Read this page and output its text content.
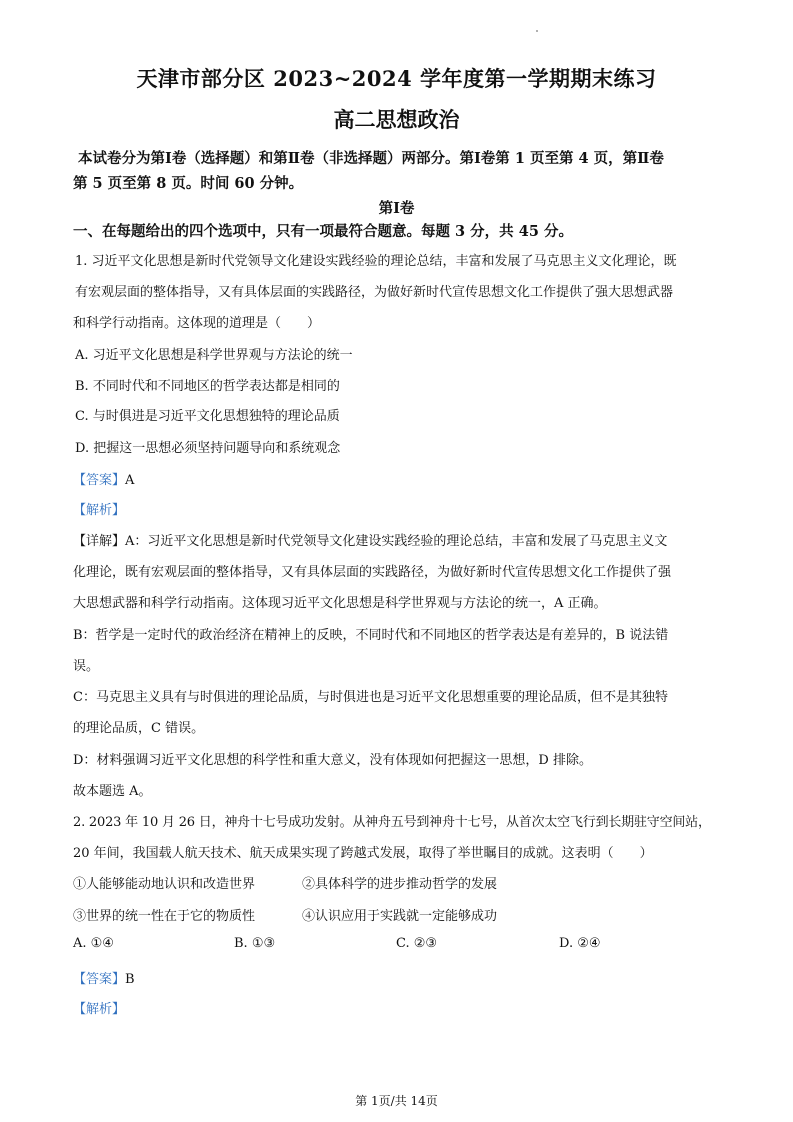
天津市部分区 2023~2024 学年度第一学期期末练习
高二思想政治
本试卷分为第Ⅰ卷（选择题）和第Ⅱ卷（非选择题）两部分。第Ⅰ卷第 1 页至第 4 页，第Ⅱ卷
第 5 页至第 8 页。时间 60 分钟。
第Ⅰ卷
一、在每题给出的四个选项中，只有一项最符合题意。每题 3 分，共 45 分。
1. 习近平文化思想是新时代党领导文化建设实践经验的理论总结，丰富和发展了马克思主义文化理论，既
有宏观层面的整体指导，又有具体层面的实践路径，为做好新时代宣传思想文化工作提供了强大思想武器
和科学行动指南。这体现的道理是（　　）
A. 习近平文化思想是科学世界观与方法论的统一
B. 不同时代和不同地区的哲学表达都是相同的
C. 与时俱进是习近平文化思想独特的理论品质
D. 把握这一思想必须坚持问题导向和系统观念
【答案】A
【解析】
【详解】A：习近平文化思想是新时代党领导文化建设实践经验的理论总结，丰富和发展了马克思主义文
化理论，既有宏观层面的整体指导，又有具体层面的实践路径，为做好新时代宣传思想文化工作提供了强
大思想武器和科学行动指南。这体现习近平文化思想是科学世界观与方法论的统一，A 正确。
B：哲学是一定时代的政治经济在精神上的反映，不同时代和不同地区的哲学表达是有差异的，B 说法错
误。
C：马克思主义具有与时俱进的理论品质，与时俱进也是习近平文化思想重要的理论品质，但不是其独特
的理论品质，C 错误。
D：材料强调习近平文化思想的科学性和重大意义，没有体现如何把握这一思想，D 排除。
故本题选 A。
2. 2023 年 10 月 26 日，神舟十七号成功发射。从神舟五号到神舟十七号，从首次太空飞行到长期驻守空间站，
20 年间，我国载人航天技术、航天成果实现了跨越式发展，取得了举世瞩目的成就。这表明（　　）
①人能够能动地认识和改造世界	②具体科学的进步推动哲学的发展
③世界的统一性在于它的物质性	④认识应用于实践就一定能够成功
A. ①④	B. ①③	C. ②③	D. ②④
【答案】B
【解析】
第 1页/共 14页
